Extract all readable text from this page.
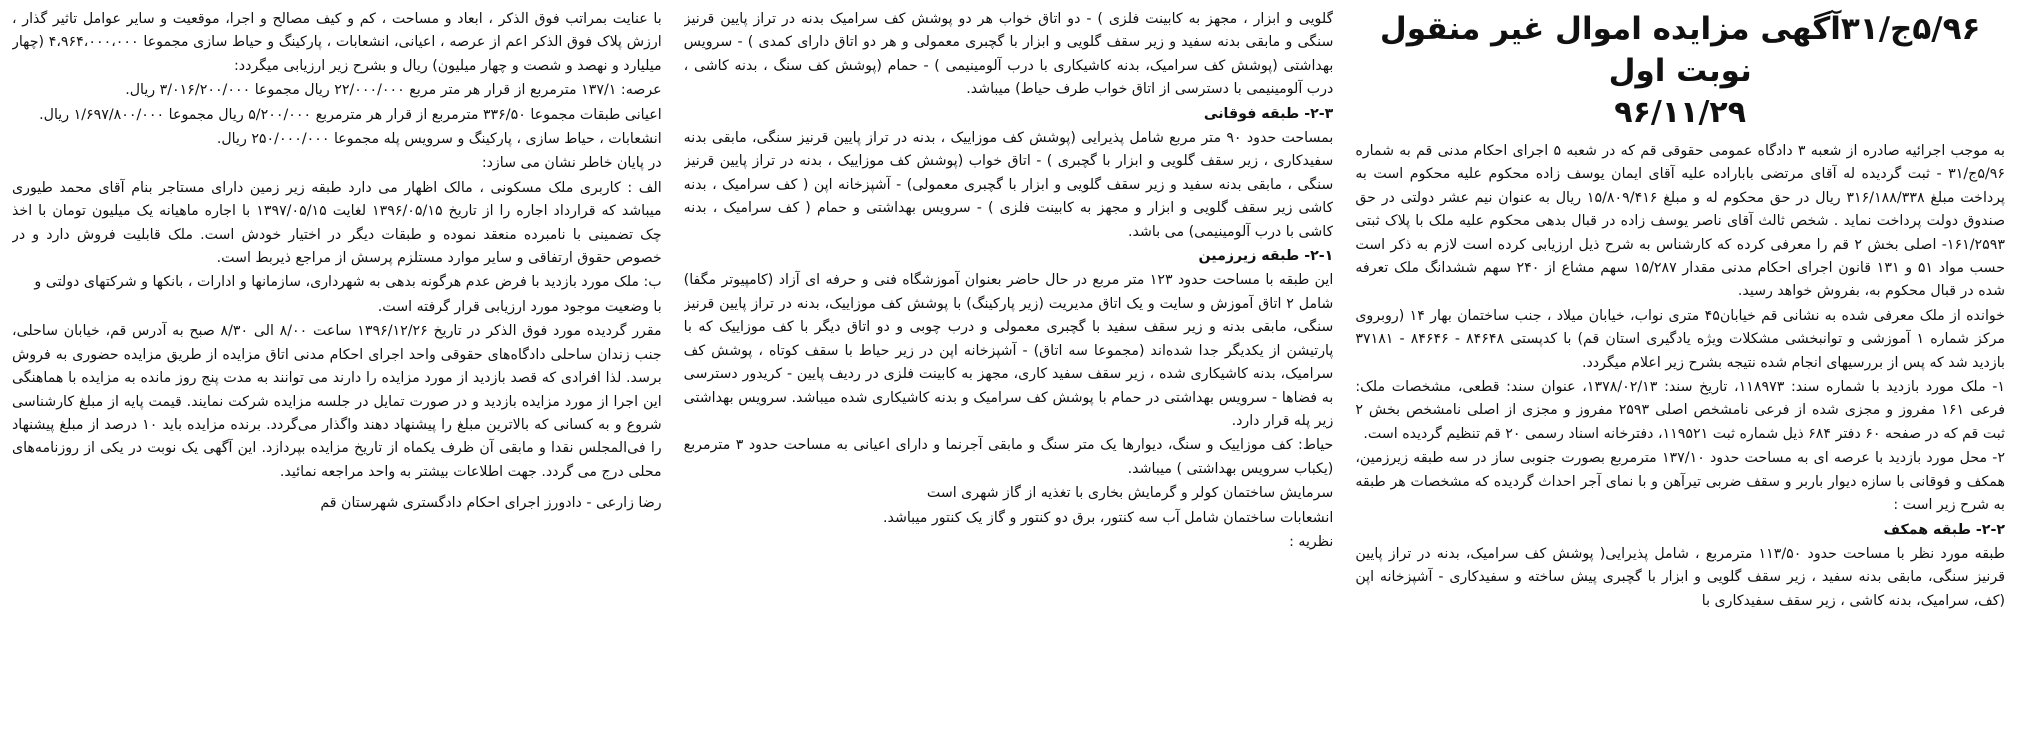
۵/۹۶ج/۳۱آگهی مزایده اموال غیر منقول نوبت اول
۹۶/۱۱/۲۹

به موجب اجرائیه صادره از شعبه ۳ دادگاه عمومی حقوقی قم که در شعبه ۵ اجرای احکام مدنی قم به شماره ۵/۹۶ج/۳۱ - ثبت گردیده له آقای مرتضی باباراده علیه آقای ایمان یوسف زاده محکوم علیه محکوم است به پرداخت مبلغ ۳۱۶/۱۸۸/۳۳۸ ریال در حق محکوم له و مبلغ ۱۵/۸۰۹/۴۱۶ ریال به عنوان نیم عشر دولتی در حق صندوق دولت پرداخت نماید . شخص ثالث آقای ناصر یوسف زاده در قبال بدهی محکوم علیه ملک با پلاک ثبتی ۱۶۱/۲۵۹۳- اصلی بخش ۲ قم را معرفی کرده که کارشناس به شرح ذیل ارزیابی کرده است لازم به ذکر است حسب مواد ۵۱ و ۱۳۱ قانون اجرای احکام مدنی مقدار ۱۵/۲۸۷ سهم مشاع از ۲۴۰ سهم ششدانگ ملک تعرفه شده در قبال محکوم به، بفروش خواهد رسید.

خوانده از ملک معرفی شده به نشانی قم خیابان۴۵ متری نواب، خیابان میلاد ، جنب ساختمان بهار ۱۴ (روبروی مرکز شماره ۱ آموزشی و توانبخشی مشکلات ویژه یادگیری استان قم) با کدپستی ۸۴۶۴۸ - ۸۴۶۴۶ - ۳۷۱۸۱ بازدید شد که پس از بررسیهای انجام شده نتیجه بشرح زیر اعلام میگردد.

۱- ملک مورد بازدید با شماره سند: ۱۱۸۹۷۳، تاریخ سند: ۱۳۷۸/۰۲/۱۳، عنوان سند: قطعی، مشخصات ملک: فرعی ۱۶۱ مفروز و مجزی شده از فرعی نامشخص اصلی ۲۵۹۳ مفروز و مجزی از اصلی نامشخص بخش ۲ ثبت قم که در صفحه ۶۰ دفتر ۶۸۴ ذیل شماره ثبت ۱۱۹۵۲۱، دفترخانه اسناد رسمی ۲۰ قم تنظیم گردیده است.

۲- محل مورد بازدید با عرصه ای به مساحت حدود ۱۳۷/۱۰ مترمربع بصورت جنوبی ساز در سه طبقه زیرزمین، همکف و فوقانی با سازه دیوار باربر و سقف ضربی تیرآهن و با نمای آجر احداث گردیده که مشخصات هر طبقه به شرح زیر است :

۲-۲- طبقه همکف

طبقه مورد نظر با مساحت حدود ۱۱۳/۵۰ مترمربع ، شامل پذیرایی( پوشش کف سرامیک، بدنه در تراز پایین قرنیز سنگی، مابقی بدنه سفید ، زیر سقف گلویی و ابزار با گچبری پیش ساخته و سفیدکاری - آشپزخانه اپن (کف، سرامیک، بدنه کاشی ، زیر سقف سفیدکاری با

گلویی و ابزار ، مجهز به کابینت فلزی ) - دو اتاق خواب هر دو پوشش کف سرامیک بدنه در تراز پایین قرنیز سنگی و مابقی بدنه سفید و زیر سقف گلویی و ابزار با گچبری معمولی و هر دو اتاق دارای کمدی ) - سرویس بهداشتی (پوشش کف سرامیک، بدنه کاشیکاری با درب آلومینیمی ) - حمام (پوشش کف سنگ ، بدنه کاشی ، درب آلومینیمی با دسترسی از اتاق خواب طرف حیاط) میباشد.

۲-۳- طبقه فوقانی

بمساحت حدود ۹۰ متر مربع شامل پذیرایی (پوشش کف موزاییک ، بدنه در تراز پایین قرنیز سنگی، مابقی بدنه سفیدکاری ، زیر سقف گلویی و ابزار با گچبری ) - اتاق خواب (پوشش کف موزاییک ، بدنه در تراز پایین قرنیز سنگی ، مابقی بدنه سفید و زیر سقف گلویی و ابزار با گچبری معمولی) - آشپزخانه اپن ( کف سرامیک ، بدنه کاشی زیر سقف گلویی و ابزار و مجهز به کابینت فلزی ) - سرویس بهداشتی و حمام ( کف سرامیک ، بدنه کاشی با درب آلومینیمی) می باشد.

۲-۱- طبقه زیرزمین

این طبقه با مساحت حدود ۱۲۳ متر مربع در حال حاضر بعنوان آموزشگاه فنی و حرفه ای آزاد (کامپیوتر مگفا) شامل ۲ اتاق آموزش و سایت و یک اتاق مدیریت (زیر پارکینگ) با پوشش کف موزاییک، بدنه در تراز پایین قرنیز سنگی، مابقی بدنه و زیر سقف سفید با گچبری معمولی و درب چوبی و دو اتاق دیگر با کف موزاییک که با پارتیشن از یکدیگر جدا شده‌اند (مجموعا سه اتاق) - آشپزخانه اپن در زیر حیاط با سقف کوتاه ، پوشش کف سرامیک، بدنه کاشیکاری شده ، زیر سقف سفید کاری، مجهز به کابینت فلزی در ردیف پایین - کریدور دسترسی به فضاها - سرویس بهداشتی در حمام با پوشش کف سرامیک و بدنه کاشیکاری شده میباشد. سرویس بهداشتی زیر پله قرار دارد.

حیاط: کف موزاییک و سنگ، دیوارها یک متر سنگ و مابقی آجرنما و دارای اعیانی به مساحت حدود ۳ مترمربع (یکباب سرویس بهداشتی ) میباشد.

سرمایش ساختمان کولر و گرمایش بخاری با تغذیه از گاز شهری است

انشعابات ساختمان شامل آب سه کنتور، برق دو کنتور و گاز یک کنتور میباشد.

نظریه :

با عنایت بمراتب فوق الذکر ، ابعاد و مساحت ، کم و کیف مصالح و اجرا، موقعیت و سایر عوامل تاثیر گذار ، ارزش پلاک فوق الذکر اعم از عرصه ، اعیانی، انشعابات ، پارکینگ و حیاط سازی مجموعا ۴،۹۶۴،۰۰۰،۰۰۰ (چهار میلیارد و نهصد و شصت و چهار میلیون) ریال و بشرح زیر ارزیابی میگردد:

عرصه: ۱۳۷/۱ مترمربع از قرار هر متر مربع ۲۲/۰۰۰/۰۰۰ ریال مجموعا ۳/۰۱۶/۲۰۰/۰۰۰ ریال.

اعیانی طبقات مجموعا ۳۳۶/۵۰ مترمربع از قرار هر مترمربع ۵/۲۰۰/۰۰۰ ریال مجموعا ۱/۶۹۷/۸۰۰/۰۰۰ ریال.

انشعابات ، حیاط سازی ، پارکینگ و سرویس پله مجموعا ۲۵۰/۰۰۰/۰۰۰ ریال.

در پایان خاطر نشان می سازد:

الف : کاربری ملک مسکونی ، مالک اظهار می دارد طبقه زیر زمین دارای مستاجر بنام آقای محمد طیوری میباشد که قرارداد اجاره را از تاریخ ۱۳۹۶/۰۵/۱۵ لغایت ۱۳۹۷/۰۵/۱۵ با اجاره ماهیانه یک میلیون تومان با اخذ چک تضمینی با نامبرده منعقد نموده و طبقات دیگر در اختیار خودش است. ملک قابلیت فروش دارد و در خصوص حقوق ارتفاقی و سایر موارد مستلزم پرسش از مراجع ذیربط است.

ب: ملک مورد بازدید با فرض عدم هرگونه بدهی به شهرداری، سازمانها و ادارات ، بانکها و شرکتهای دولتی و

با وضعیت موجود مورد ارزیابی قرار گرفته است.

مقرر گردیده مورد فوق الذکر در تاریخ ۱۳۹۶/۱۲/۲۶ ساعت ۸/۰۰ الی ۸/۳۰ صبح به آدرس قم، خیابان ساحلی، جنب زندان ساحلی دادگاه‌های حقوقی واحد اجرای احکام مدنی اتاق مزایده از طریق مزایده حضوری به فروش برسد. لذا افرادی که قصد بازدید از مورد مزایده را دارند می توانند به مدت پنج روز مانده به مزایده با هماهنگی این اجرا از مورد مزایده بازدید و در صورت تمایل در جلسه مزایده شرکت نمایند. قیمت پایه از مبلغ کارشناسی شروع و به کسانی که بالاترین مبلغ را پیشنهاد دهند واگذار می‌گردد. برنده مزایده باید ۱۰ درصد از مبلغ پیشنهاد را فی‌المجلس نقدا و مابقی آن ظرف یکماه از تاریخ مزایده بپردازد. این آگهی یک نوبت در یکی از روزنامه‌های محلی درج می گردد. جهت اطلاعات بیشتر به واحد مراجعه نمائید.

رضا زارعی - دادورز اجرای احکام دادگستری شهرستان قم
